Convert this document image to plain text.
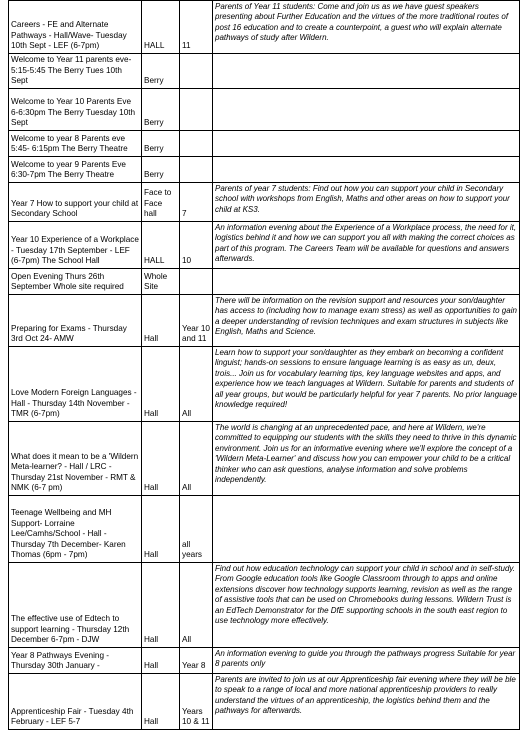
Careers - FE and Alternate Pathways - Hall/Wave- Tuesday 10th Sept - LEF (6-7pm)	HALL	11	Parents of Year 11 students: Come and join us as we have guest speakers presenting about Further Education and the virtues of the more traditional routes of post 16 education and to create a counterpoint, a guest who will explain alternate pathways of study after Wildern.
Welcome to Year 11 parents eve- 5:15-5:45 The Berry Tues 10th Sept	Berry		
Welcome to Year 10 Parents Eve 6-6:30pm The Berry Tuesday 10th Sept	Berry		
Welcome to year 8 Parents eve 5:45- 6:15pm The Berry Theatre	Berry		
Welcome to year 9 Parents Eve 6:30-7pm The Berry Theatre	Berry		
Year 7 How to support your child at Secondary School	Face to Face hall	7	Parents of year 7 students: Find out how you can support your child in Secondary school with workshops from English, Maths and other areas on how to support your child at KS3.
Year 10 Experience of a Workplace - Tuesday 17th September - LEF (6-7pm) The School Hall	HALL	10	An information evening about the Experience of a Workplace process, the need for it, logistics behind it and how we can support you all with making the correct choices as part of this program. The Careers Team will be available for questions and answers afterwards.
Open Evening Thurs 26th September Whole site required	Whole Site		
Preparing for Exams - Thursday 3rd Oct 24- AMW	Hall	Year 10 and 11	There will be information on the revision support and resources your son/daughter has access to (including how to manage exam stress) as well as opportunities to gain a deeper understanding of revision techniques and exam structures in subjects like English, Maths and Science.
Love Modern Foreign Languages - Hall - Thursday 14th November - TMR (6-7pm)	Hall	All	Learn how to support your son/daughter as they embark on becoming a confident linguist; hands-on sessions to ensure language learning is as easy as un, deux, trois... Join us for vocabulary learning tips, key language websites and apps, and experience how we teach languages at Wildern. Suitable for parents and students of all year groups, but would be particularly helpful for year 7 parents. No prior language knowledge required!
What does it mean to be a 'Wildern Meta-learner? - Hall / LRC - Thursday 21st November - RMT & NMK (6-7 pm)	Hall	All	The world is changing at an unprecedented pace, and here at Wildern, we're committed to equipping our students with the skills they need to thrive in this dynamic environment. Join us for an informative evening where we'll explore the concept of a 'Wildern Meta-Learner' and discuss how you can empower your child to be a critical thinker who can ask questions, analyse information and solve problems independently.
Teenage Wellbeing and MH Support- Lorraine Lee/Camhs/School - Hall - Thursday 7th December- Karen Thomas (6pm - 7pm)	Hall	all years	
The effective use of Edtech to support learning - Thursday 12th December 6-7pm - DJW	Hall	All	Find out how education technology can support your child in school and in self-study. From Google education tools like Google Classroom through to apps and online extensions discover how technology supports learning, revision as well as the range of assistive tools that can be used on Chromebooks during lessons. Wildern Trust is an EdTech Demonstrator for the DfE supporting schools in the south east region to use technology more effectively.
Year 8 Pathways Evening - Thursday 30th January -	Hall	Year 8	An information evening to guide you through the pathways progress Suitable for year 8 parents only
Apprenticeship Fair - Tuesday 4th February - LEF 5-7	Hall	Years 10 & 11	Parents are invited to join us at our Apprenticeship fair evening where they will be ble to speak to a range of local and more national apprenticeship providers to really understand the virtues of an apprenticeship, the logistics behind them and the pathways for afterwards.
